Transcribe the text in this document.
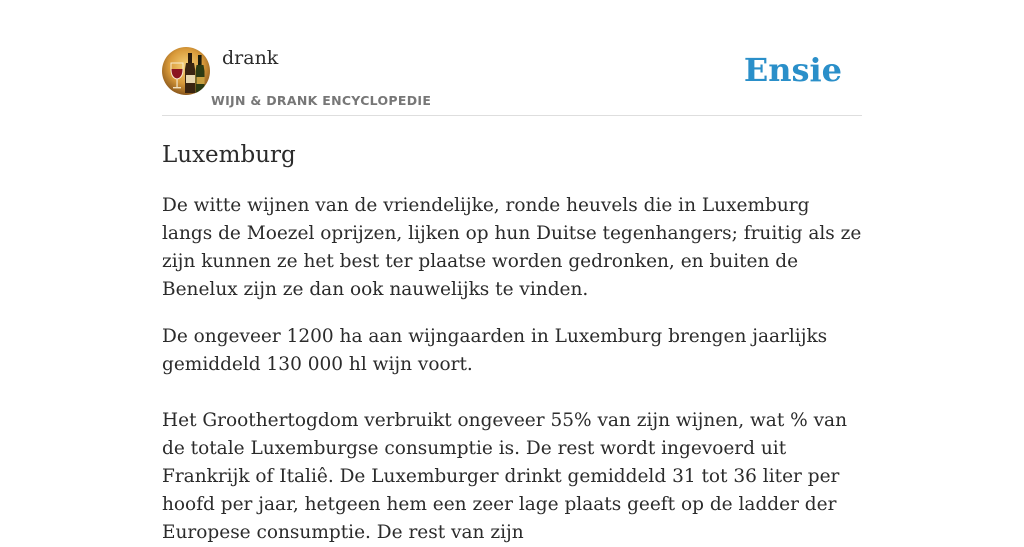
drank
WIJN & DRANK ENCYCLOPEDIE
Ensie
Luxemburg

De witte wijnen van de vriendelijke, ronde heuvels die in Luxemburg langs de Moezel oprijzen, lijken op hun Duitse tegenhangers; fruitig als ze zijn kunnen ze het best ter plaatse worden gedronken, en buiten de Benelux zijn ze dan ook nauwelijks te vinden.

De ongeveer 1200 ha aan wijngaarden in Luxemburg brengen jaarlijks gemiddeld 130 000 hl wijn voort.

Het Groothertogdom verbruikt ongeveer 55% van zijn wijnen, wat % van de totale Luxemburgse consumptie is. De rest wordt ingevoerd uit Frankrijk of Italiê. De Luxemburger drinkt gemiddeld 31 tot 36 liter per hoofd per jaar, hetgeen hem een zeer lage plaats geeft op de ladder der Europese consumptie. De rest van zijn
